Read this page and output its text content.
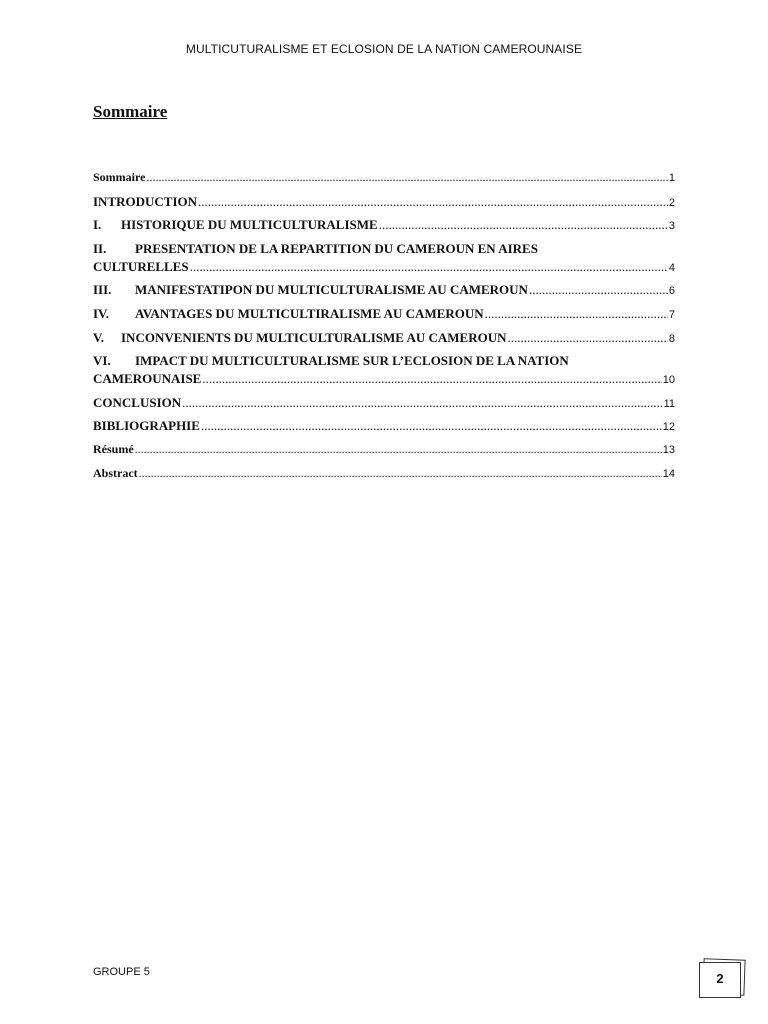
MULTICUTURALISME ET ECLOSION DE LA NATION CAMEROUNAISE
Sommaire
Sommaire .....	1
INTRODUCTION .....	2
I.	HISTORIQUE DU MULTICULTURALISME .....	3
II.	PRESENTATION DE LA REPARTITION DU CAMEROUN EN AIRES
CULTURELLES .....	4
III.	MANIFESTATIPON DU MULTICULTURALISME AU CAMEROUN .....	6
IV.	AVANTAGES DU MULTICULTIRALISME AU CAMEROUN .....	7
V.	INCONVENIENTS DU MULTICULTURALISME AU CAMEROUN .....	8
VI.	IMPACT DU MULTICULTURALISME SUR L’ECLOSION DE LA NATION
CAMEROUNAISE .....	10
CONCLUSION .....	11
BIBLIOGRAPHIE .....	12
Résumé .....	13
Abstract .....	14
GROUPE 5	2
